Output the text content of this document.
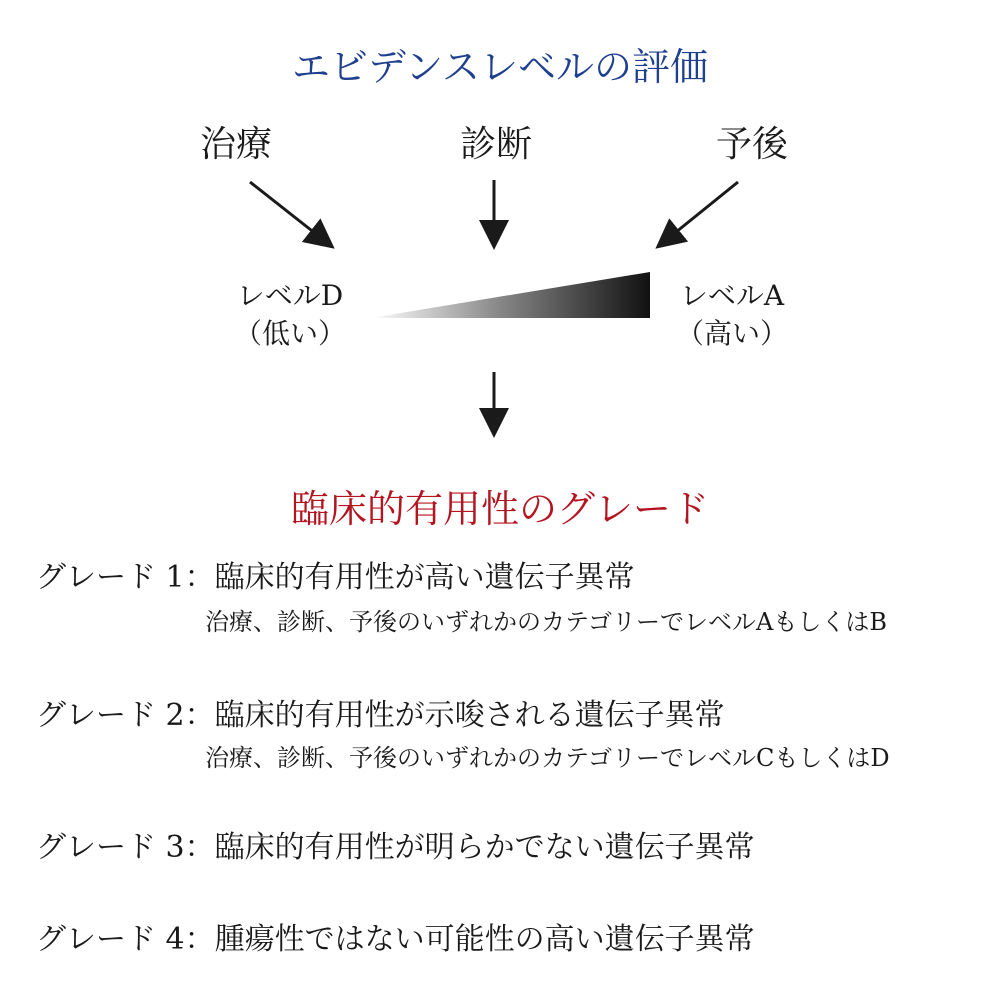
エビデンスレベルの評価
治療	診断	予後
レベルD
（低い）
レベルA
（高い）
臨床的有用性のグレード
グレード 1：臨床的有用性が高い遺伝子異常
治療、診断、予後のいずれかのカテゴリーでレベルAもしくはB
グレード 2：臨床的有用性が示唆される遺伝子異常
治療、診断、予後のいずれかのカテゴリーでレベルCもしくはD
グレード 3：臨床的有用性が明らかでない遺伝子異常
グレード 4：腫瘍性ではない可能性の高い遺伝子異常
